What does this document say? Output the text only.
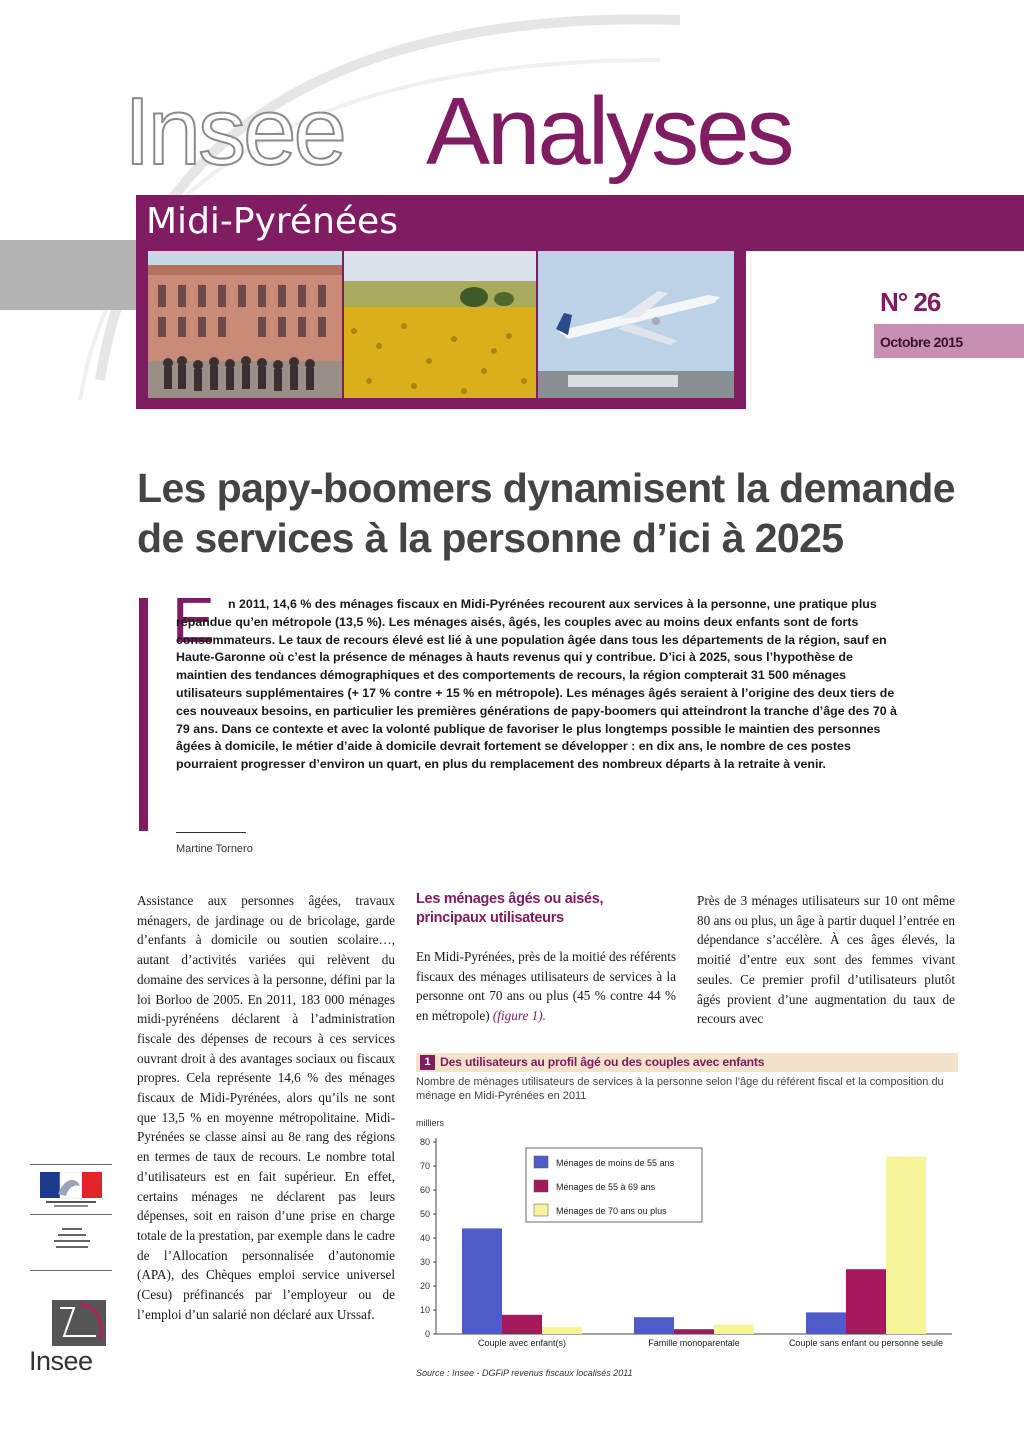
Insee Analyses
Midi-Pyrénées
N° 26
Octobre 2015
Les papy-boomers dynamisent la demande de services à la personne d’ici à 2025
E	n 2011, 14,6 % des ménages fiscaux en Midi-Pyrénées recourent aux services à la personne, une pratique plus répandue qu’en métropole (13,5 %). Les ménages aisés, âgés, les couples avec au moins deux enfants sont de forts consommateurs. Le taux de recours élevé est lié à une population âgée dans tous les départements de la région, sauf en Haute-Garonne où c’est la présence de ménages à hauts revenus qui y contribue. D’ici à 2025, sous l’hypothèse de maintien des tendances démographiques et des comportements de recours, la région compterait 31 500 ménages utilisateurs supplémentaires (+ 17 % contre + 15 % en métropole). Les ménages âgés seraient à l’origine des deux tiers de ces nouveaux besoins, en particulier les premières générations de papy-boomers qui atteindront la tranche d’âge des 70 à 79 ans. Dans ce contexte et avec la volonté publique de favoriser le plus longtemps possible le maintien des personnes âgées à domicile, le métier d’aide à domicile devrait fortement se développer : en dix ans, le nombre de ces postes pourraient progresser d’environ un quart, en plus du remplacement des nombreux départs à la retraite à venir.

Martine Tornero

Assistance aux personnes âgées, travaux ménagers, de jardinage ou de bricolage, garde d’enfants à domicile ou soutien scolaire…, autant d’activités variées qui relèvent du domaine des services à la personne, défini par la loi Borloo de 2005. En 2011, 183 000 ménages midi-pyrénéens déclarent à l’administration fiscale des dépenses de recours à ces services ouvrant droit à des avantages sociaux ou fiscaux propres. Cela représente 14,6 % des ménages fiscaux de Midi-Pyrénées, alors qu’ils ne sont que 13,5 % en moyenne métropolitaine. Midi-Pyrénées se classe ainsi au 8e rang des régions en termes de taux de recours. Le nombre total d’utilisateurs est en fait supérieur. En effet, certains ménages ne déclarent pas leurs dépenses, soit en raison d’une prise en charge totale de la prestation, par exemple dans le cadre de l’Allocation personnalisée d’autonomie (APA), des Chèques emploi service universel (Cesu) préfinancés par l’employeur ou de l’emploi d’un salarié non déclaré aux Urssaf.

Les ménages âgés ou aisés, principaux utilisateurs

En Midi-Pyrénées, près de la moitié des référents fiscaux des ménages utilisateurs de services à la personne ont 70 ans ou plus (45 % contre 44 % en métropole) (figure 1).

Près de 3 ménages utilisateurs sur 10 ont même 80 ans ou plus, un âge à partir duquel l’entrée en dépendance s’accélère. À ces âges élevés, la moitié d’entre eux sont des femmes vivant seules. Ce premier profil d’utilisateurs plutôt âgés provient d’une augmentation du taux de recours avec

Insee
1 Des utilisateurs au profil âgé ou des couples avec enfants
Nombre de ménages utilisateurs de services à la personne selon l’âge du référent fiscal et la composition du ménage en Midi-Pyrénées en 2011
milliers
0
10
20
30
40
50
60
70
80
Couple avec enfant(s)	Famille monoparentale	Couple sans enfant ou personne seule
Ménages de moins de 55 ans
Ménages de 55 à 69 ans
Ménages de 70 ans ou plus
Source : Insee - DGFiP revenus fiscaux localisés 2011
